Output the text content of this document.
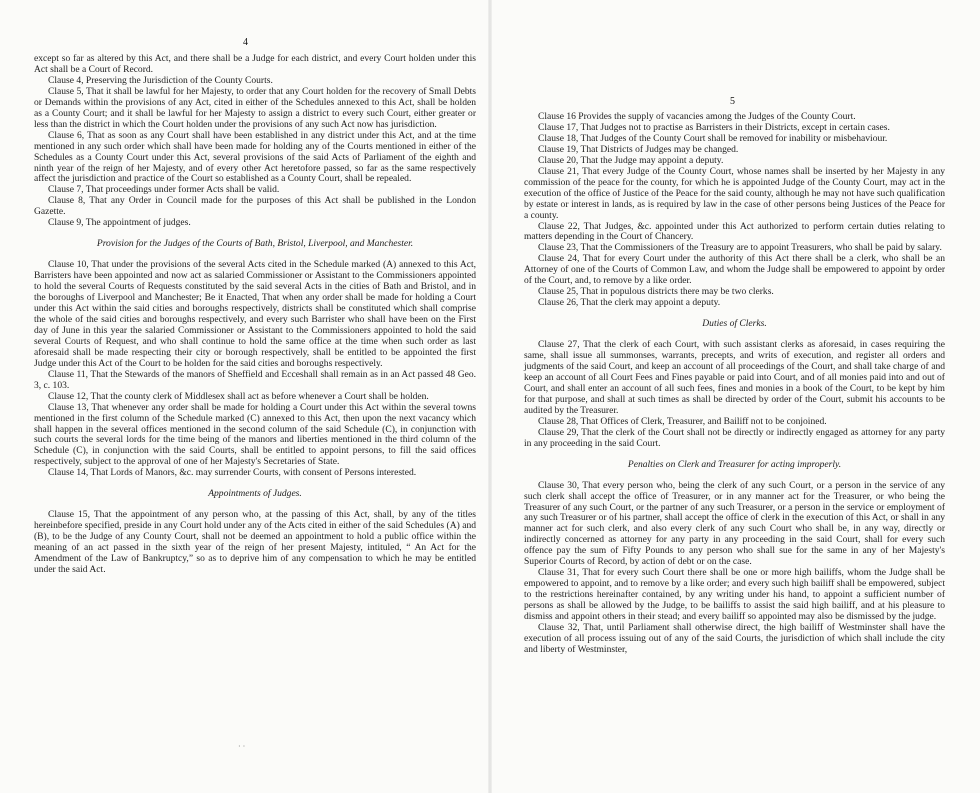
4

except so far as altered by this Act, and there shall be a Judge for each district, and every Court holden under this Act shall be a Court of Record.

Clause 4, Preserving the Jurisdiction of the County Courts.

Clause 5, That it shall be lawful for her Majesty, to order that any Court holden for the recovery of Small Debts or Demands within the provisions of any Act, cited in either of the Schedules annexed to this Act, shall be holden as a County Court; and it shall be lawful for her Majesty to assign a district to every such Court, either greater or less than the district in which the Court holden under the provisions of any such Act now has jurisdiction.

Clause 6, That as soon as any Court shall have been established in any district under this Act, and at the time mentioned in any such order which shall have been made for holding any of the Courts mentioned in either of the Schedules as a County Court under this Act, several provisions of the said Acts of Parliament of the eighth and ninth year of the reign of her Majesty, and of every other Act heretofore passed, so far as the same respectively affect the jurisdiction and practice of the Court so established as a County Court, shall be repealed.

Clause 7, That proceedings under former Acts shall be valid.

Clause 8, That any Order in Council made for the purposes of this Act shall be published in the London Gazette.

Clause 9, The appointment of judges.

Provision for the Judges of the Courts of Bath, Bristol, Liverpool, and Manchester.

Clause 10, That under the provisions of the several Acts cited in the Schedule marked (A) annexed to this Act, Barristers have been appointed and now act as salaried Commissioner or Assistant to the Commissioners appointed to hold the several Courts of Requests constituted by the said several Acts in the cities of Bath and Bristol, and in the boroughs of Liverpool and Manchester; Be it Enacted, That when any order shall be made for holding a Court under this Act within the said cities and boroughs respectively, districts shall be constituted which shall comprise the whole of the said cities and boroughs respectively, and every such Barrister who shall have been on the First day of June in this year the salaried Commissioner or Assistant to the Commissioners appointed to hold the said several Courts of Request, and who shall continue to hold the same office at the time when such order as last aforesaid shall be made respecting their city or borough respectively, shall be entitled to be appointed the first Judge under this Act of the Court to be holden for the said cities and boroughs respectively.

Clause 11, That the Stewards of the manors of Sheffield and Ecceshall shall remain as in an Act passed 48 Geo. 3, c. 103.

Clause 12, That the county clerk of Middlesex shall act as before whenever a Court shall be holden.

Clause 13, That whenever any order shall be made for holding a Court under this Act within the several towns mentioned in the first column of the Schedule marked (C) annexed to this Act, then upon the next vacancy which shall happen in the several offices mentioned in the second column of the said Schedule (C), in conjunction with such courts the several lords for the time being of the manors and liberties mentioned in the third column of the Schedule (C), in conjunction with the said Courts, shall be entitled to appoint persons, to fill the said offices respectively, subject to the approval of one of her Majesty's Secretaries of State.

Clause 14, That Lords of Manors, &c. may surrender Courts, with consent of Persons interested.

Appointments of Judges.

Clause 15, That the appointment of any person who, at the passing of this Act, shall, by any of the titles hereinbefore specified, preside in any Court hold under any of the Acts cited in either of the said Schedules (A) and (B), to be the Judge of any County Court, shall not be deemed an appointment to hold a public office within the meaning of an act passed in the sixth year of the reign of her present Majesty, intituled, “ An Act for the Amendment of the Law of Bankruptcy,” so as to deprive him of any compensation to which he may be entitled under the said Act.

5

Clause 16 Provides the supply of vacancies among the Judges of the County Court.

Clause 17, That Judges not to practise as Barristers in their Districts, except in certain cases.

Clause 18, That Judges of the County Court shall be removed for inability or misbehaviour.

Clause 19, That Districts of Judges may be changed.

Clause 20, That the Judge may appoint a deputy.

Clause 21, That every Judge of the County Court, whose names shall be inserted by her Majesty in any commission of the peace for the county, for which he is appointed Judge of the County Court, may act in the execution of the office of Justice of the Peace for the said county, although he may not have such qualification by estate or interest in lands, as is required by law in the case of other persons being Justices of the Peace for a county.

Clause 22, That Judges, &c. appointed under this Act authorized to perform certain duties relating to matters depending in the Court of Chancery.

Clause 23, That the Commissioners of the Treasury are to appoint Treasurers, who shall be paid by salary.

Clause 24, That for every Court under the authority of this Act there shall be a clerk, who shall be an Attorney of one of the Courts of Common Law, and whom the Judge shall be empowered to appoint by order of the Court, and, to remove by a like order.

Clause 25, That in populous districts there may be two clerks.

Clause 26, That the clerk may appoint a deputy.

Duties of Clerks.

Clause 27, That the clerk of each Court, with such assistant clerks as aforesaid, in cases requiring the same, shall issue all summonses, warrants, precepts, and writs of execution, and register all orders and judgments of the said Court, and keep an account of all proceedings of the Court, and shall take charge of and keep an account of all Court Fees and Fines payable or paid into Court, and of all monies paid into and out of Court, and shall enter an account of all such fees, fines and monies in a book of the Court, to be kept by him for that purpose, and shall at such times as shall be directed by order of the Court, submit his accounts to be audited by the Treasurer.

Clause 28, That Offices of Clerk, Treasurer, and Bailiff not to be conjoined.

Clause 29, That the clerk of the Court shall not be directly or indirectly engaged as attorney for any party in any proceeding in the said Court.

Penalties on Clerk and Treasurer for acting improperly.

Clause 30, That every person who, being the clerk of any such Court, or a person in the service of any such clerk shall accept the office of Treasurer, or in any manner act for the Treasurer, or who being the Treasurer of any such Court, or the partner of any such Treasurer, or a person in the service or employment of any such Treasurer or of his partner, shall accept the office of clerk in the execution of this Act, or shall in any manner act for such clerk, and also every clerk of any such Court who shall be, in any way, directly or indirectly concerned as attorney for any party in any proceeding in the said Court, shall for every such offence pay the sum of Fifty Pounds to any person who shall sue for the same in any of her Majesty's Superior Courts of Record, by action of debt or on the case.

Clause 31, That for every such Court there shall be one or more high bailiffs, whom the Judge shall be empowered to appoint, and to remove by a like order; and every such high bailiff shall be empowered, subject to the restrictions hereinafter contained, by any writing under his hand, to appoint a sufficient number of persons as shall be allowed by the Judge, to be bailiffs to assist the said high bailiff, and at his pleasure to dismiss and appoint others in their stead; and every bailiff so appointed may also be dismissed by the judge.

Clause 32, That, until Parliament shall otherwise direct, the high bailiff of Westminster shall have the execution of all process issuing out of any of the said Courts, the jurisdiction of which shall include the city and liberty of Westminster,

· ·
